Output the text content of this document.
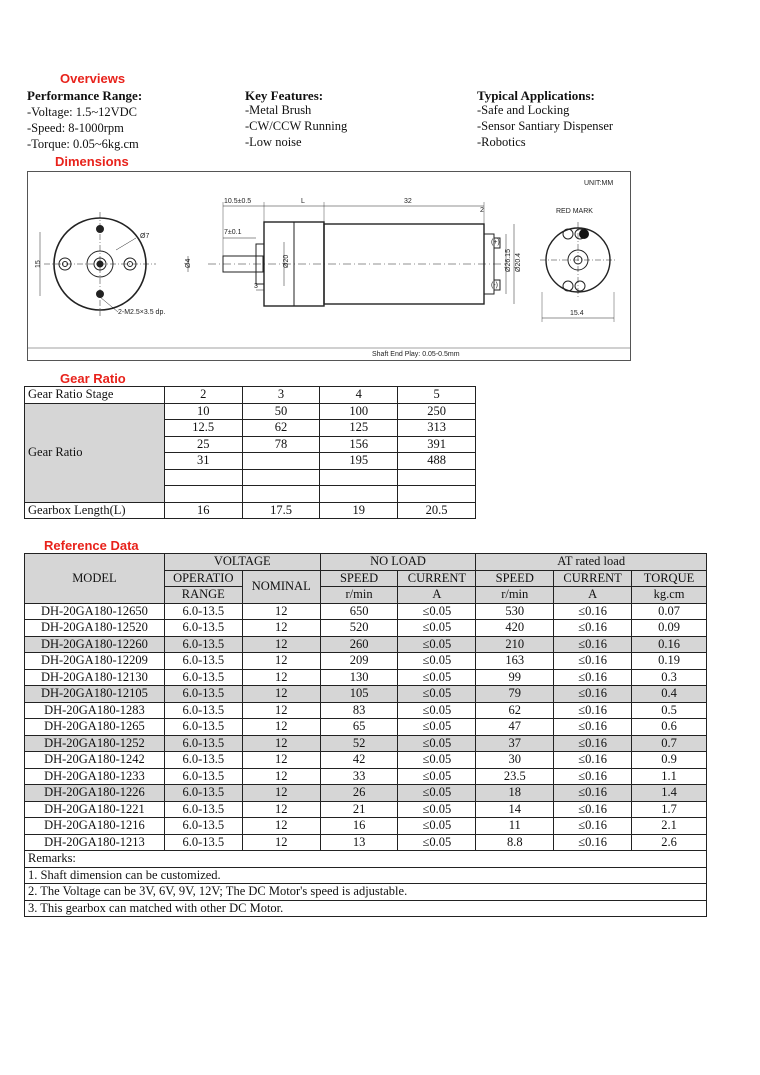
Overviews
Performance Range:
-Voltage: 1.5~12VDC
-Speed: 8-1000rpm
-Torque: 0.05~6kg.cm
Key Features:
-Metal Brush
-CW/CCW Running
-Low noise
Typical Applications:
-Safe and Locking
-Sensor Santiary Dispenser
-Robotics
Dimensions
UNIT:MM
Ø7
15
2-M2.5×3.5 dp.
10.5±0.5	L	32
2
7±0.1
Ø4	Ø20
3
Ø26.15 Ø20.4
(+)
(-)
RED MARK
15.4
Shaft End Play: 0.05-0.5mm
Gear Ratio
Gear Ratio Stage	2	3	4	5
Gear Ratio	10	50	100	250
	12.5	62	125	313
	25	78	156	391
	31		195	488

Gearbox Length(L)	16	17.5	19	20.5
Reference Data
MODEL	VOLTAGE		NO LOAD		AT rated load		
	OPERATIO	NOMINAL	SPEED	CURRENT	SPEED	CURRENT	TORQUE
	RANGE		r/min	A	r/min	A	kg.cm
DH-20GA180-12650	6.0-13.5	12	650	≤0.05	530	≤0.16	0.07
DH-20GA180-12520	6.0-13.5	12	520	≤0.05	420	≤0.16	0.09
DH-20GA180-12260	6.0-13.5	12	260	≤0.05	210	≤0.16	0.16
DH-20GA180-12209	6.0-13.5	12	209	≤0.05	163	≤0.16	0.19
DH-20GA180-12130	6.0-13.5	12	130	≤0.05	99	≤0.16	0.3
DH-20GA180-12105	6.0-13.5	12	105	≤0.05	79	≤0.16	0.4
DH-20GA180-1283	6.0-13.5	12	83	≤0.05	62	≤0.16	0.5
DH-20GA180-1265	6.0-13.5	12	65	≤0.05	47	≤0.16	0.6
DH-20GA180-1252	6.0-13.5	12	52	≤0.05	37	≤0.16	0.7
DH-20GA180-1242	6.0-13.5	12	42	≤0.05	30	≤0.16	0.9
DH-20GA180-1233	6.0-13.5	12	33	≤0.05	23.5	≤0.16	1.1
DH-20GA180-1226	6.0-13.5	12	26	≤0.05	18	≤0.16	1.4
DH-20GA180-1221	6.0-13.5	12	21	≤0.05	14	≤0.16	1.7
DH-20GA180-1216	6.0-13.5	12	16	≤0.05	11	≤0.16	2.1
DH-20GA180-1213	6.0-13.5	12	13	≤0.05	8.8	≤0.16	2.6
Remarks:							
1. Shaft dimension can be customized.							
2. The Voltage can be 3V, 6V, 9V, 12V; The DC Motor's speed is adjustable.							
3. This gearbox can matched with other DC Motor.							
